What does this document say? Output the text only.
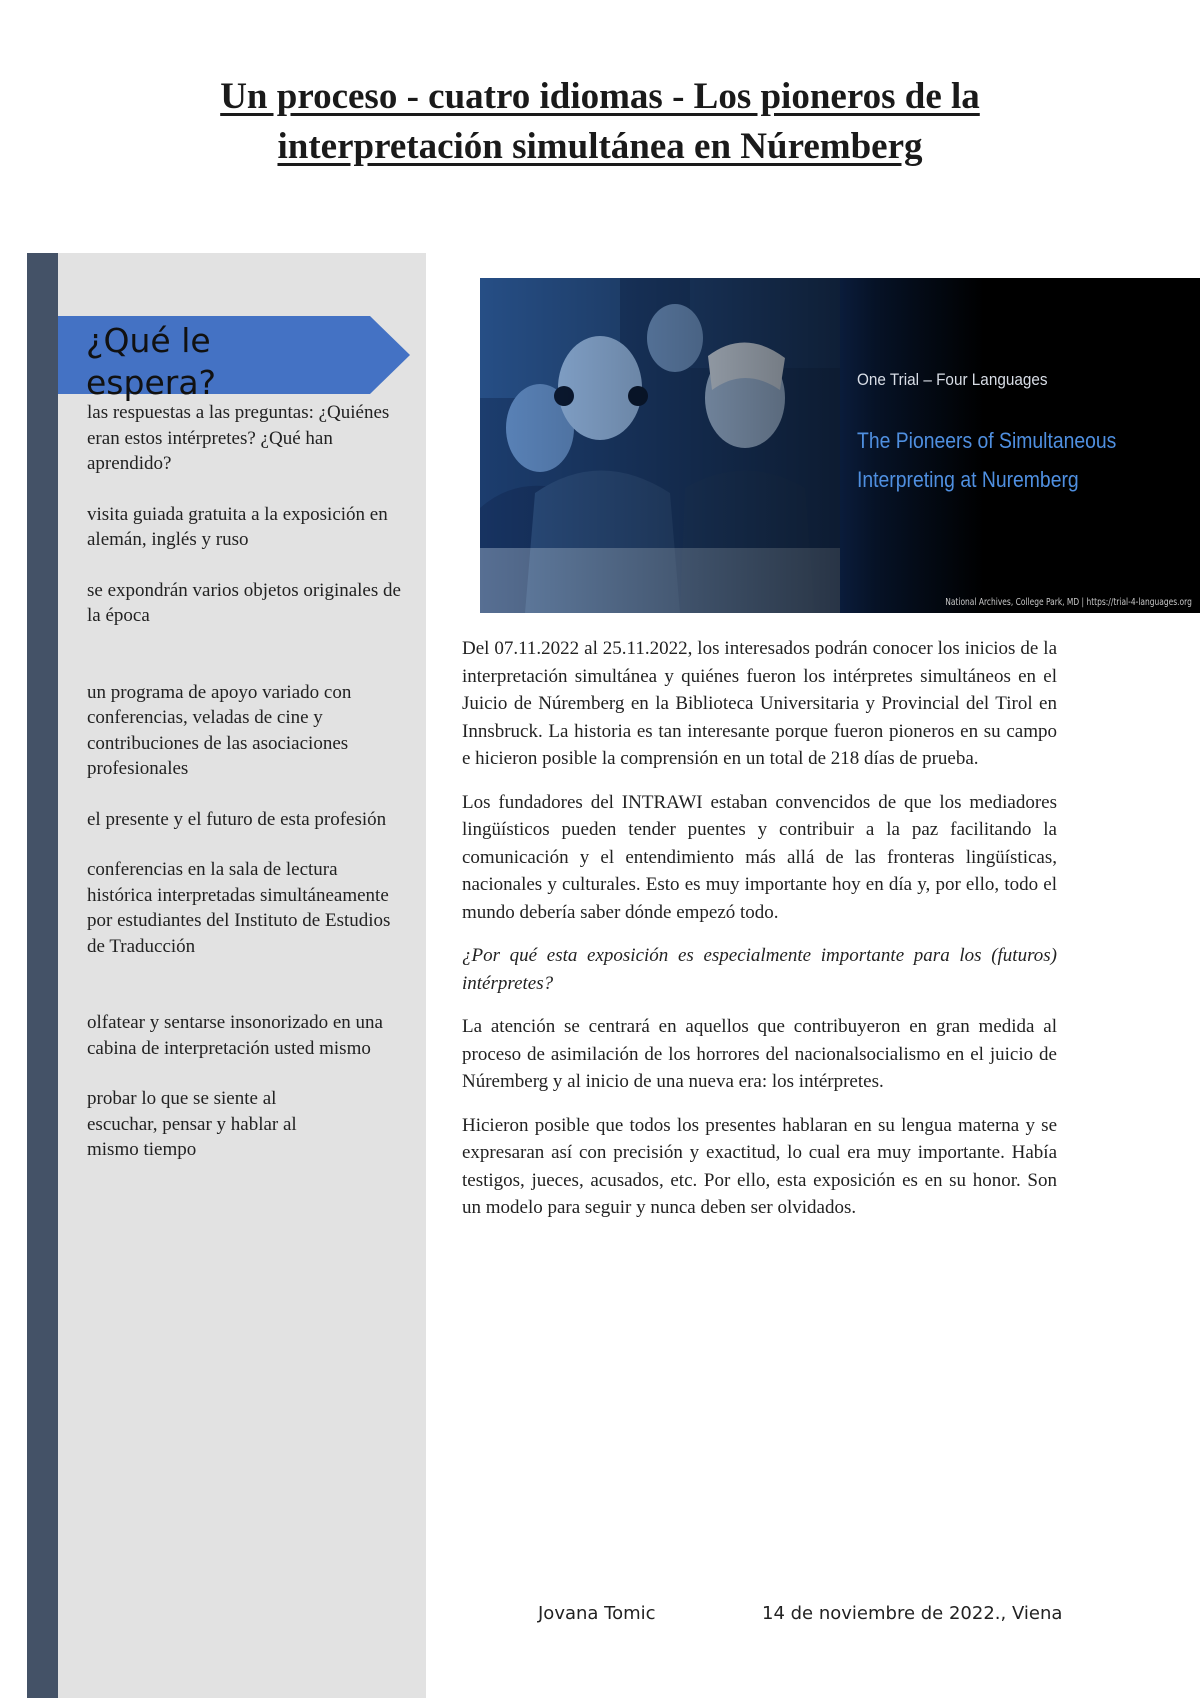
Un proceso - cuatro idiomas - Los pioneros de la interpretación simultánea en Núremberg
¿Qué le espera?

las respuestas a las preguntas: ¿Quiénes eran estos intérpretes? ¿Qué han aprendido?

visita guiada gratuita a la exposición en alemán, inglés y ruso

se expondrán varios objetos originales de la época

un programa de apoyo variado con conferencias, veladas de cine y contribuciones de las asociaciones profesionales

el presente y el futuro de esta profesión

conferencias en la sala de lectura histórica interpretadas simultáneamente por estudiantes del Instituto de Estudios de Traducción

olfatear y sentarse insonorizado en una cabina de interpretación usted mismo

probar lo que se siente al escuchar, pensar y hablar al mismo tiempo

One Trial – Four Languages
The Pioneers of Simultaneous Interpreting at Nuremberg
National Archives, College Park, MD | https://trial-4-languages.org

Del 07.11.2022 al 25.11.2022, los interesados podrán conocer los inicios de la interpretación simultánea y quiénes fueron los intérpretes simultáneos en el Juicio de Núremberg en la Biblioteca Universitaria y Provincial del Tirol en Innsbruck. La historia es tan interesante porque fueron pioneros en su campo e hicieron posible la comprensión en un total de 218 días de prueba.

Los fundadores del INTRAWI estaban convencidos de que los mediadores lingüísticos pueden tender puentes y contribuir a la paz facilitando la comunicación y el entendimiento más allá de las fronteras lingüísticas, nacionales y culturales. Esto es muy importante hoy en día y, por ello, todo el mundo debería saber dónde empezó todo.

¿Por qué esta exposición es especialmente importante para los (futuros) intérpretes?

La atención se centrará en aquellos que contribuyeron en gran medida al proceso de asimilación de los horrores del nacionalsocialismo en el juicio de Núremberg y al inicio de una nueva era: los intérpretes.

Hicieron posible que todos los presentes hablaran en su lengua materna y se expresaran así con precisión y exactitud, lo cual era muy importante. Había testigos, jueces, acusados, etc. Por ello, esta exposición es en su honor. Son un modelo para seguir y nunca deben ser olvidados.

Jovana Tomic	14 de noviembre de 2022., Viena
